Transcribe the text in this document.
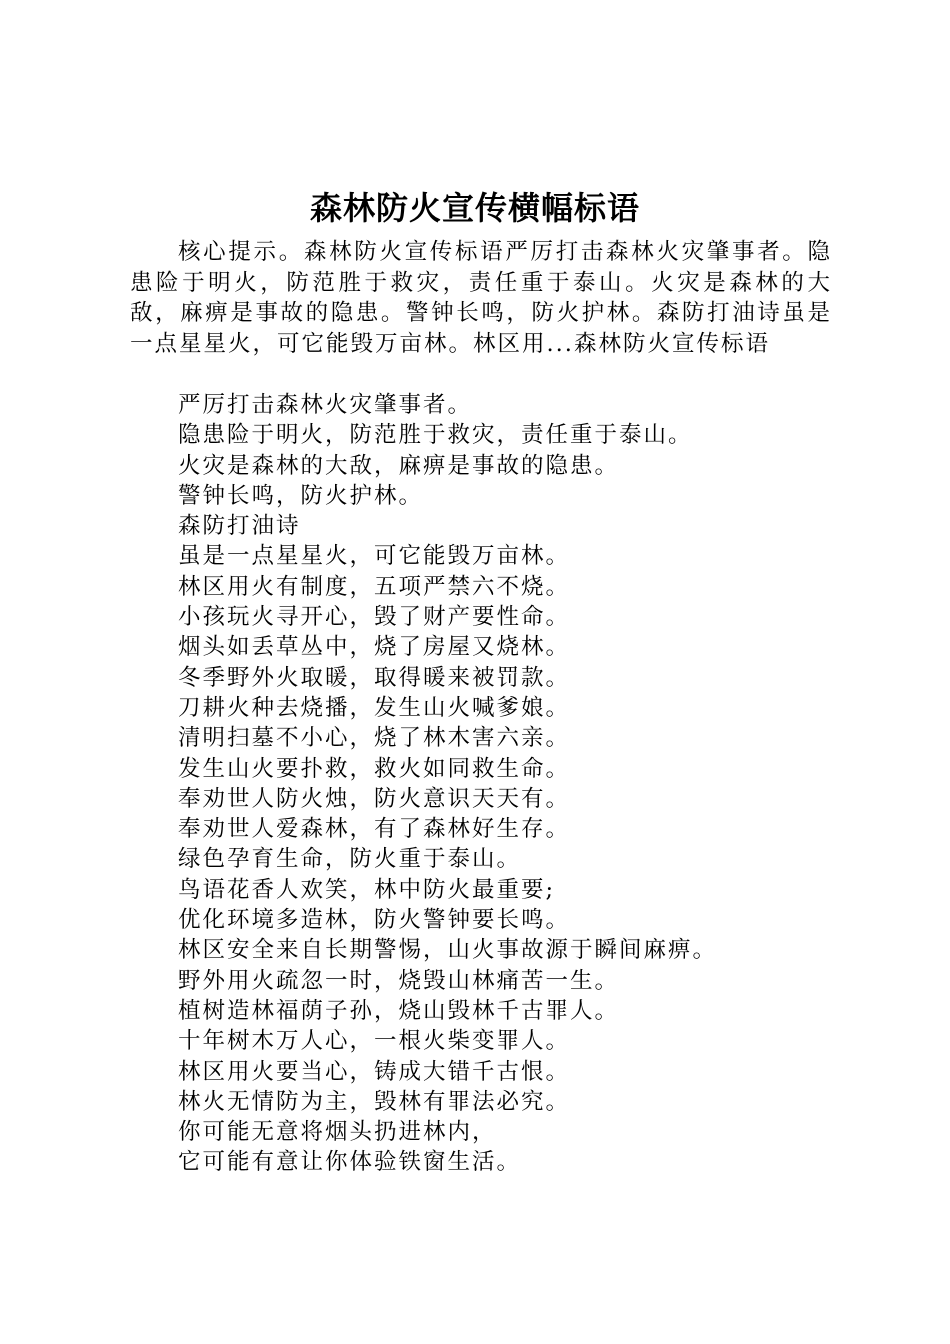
森林防火宣传横幅标语

核心提示。森林防火宣传标语严厉打击森林火灾肇事者。隐患险于明火，防范胜于救灾，责任重于泰山。火灾是森林的大敌，麻痹是事故的隐患。警钟长鸣，防火护林。森防打油诗虽是一点星星火，可它能毁万亩林。林区用...森林防火宣传标语

严厉打击森林火灾肇事者。
隐患险于明火，防范胜于救灾，责任重于泰山。
火灾是森林的大敌，麻痹是事故的隐患。
警钟长鸣，防火护林。
森防打油诗
虽是一点星星火，可它能毁万亩林。
林区用火有制度，五项严禁六不烧。
小孩玩火寻开心，毁了财产要性命。
烟头如丢草丛中，烧了房屋又烧林。
冬季野外火取暖，取得暖来被罚款。
刀耕火种去烧播，发生山火喊爹娘。
清明扫墓不小心，烧了林木害六亲。
发生山火要扑救，救火如同救生命。
奉劝世人防火烛，防火意识天天有。
奉劝世人爱森林，有了森林好生存。
绿色孕育生命，防火重于泰山。
鸟语花香人欢笑，林中防火最重要;
优化环境多造林，防火警钟要长鸣。
林区安全来自长期警惕，山火事故源于瞬间麻痹。
野外用火疏忽一时，烧毁山林痛苦一生。
植树造林福荫子孙，烧山毁林千古罪人。
十年树木万人心，一根火柴变罪人。
林区用火要当心，铸成大错千古恨。
林火无情防为主，毁林有罪法必究。
你可能无意将烟头扔进林内，
它可能有意让你体验铁窗生活。
